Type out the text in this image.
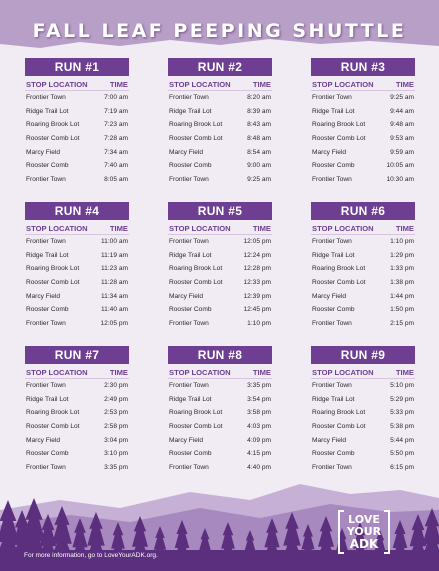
FALL LEAF PEEPING SHUTTLE
RUN #1
STOP LOCATION	TIME
Frontier Town	7:00 am
Ridge Trail Lot	7:19 am
Roaring Brook Lot	7:23 am
Rooster Comb Lot	7:28 am
Marcy Field	7:34 am
Rooster Comb	7:40 am
Frontier Town	8:05 am
RUN #2
STOP LOCATION	TIME
Frontier Town	8:20 am
Ridge Trail Lot	8:39 am
Roaring Brook Lot	8:43 am
Rooster Comb Lot	8:48 am
Marcy Field	8:54 am
Rooster Comb	9:00 am
Frontier Town	9:25 am
RUN #3
STOP LOCATION	TIME
Frontier Town	9:25 am
Ridge Trail Lot	9:44 am
Roaring Brook Lot	9:48 am
Rooster Comb Lot	9:53 am
Marcy Field	9:59 am
Rooster Comb	10:05 am
Frontier Town	10:30 am
RUN #4
STOP LOCATION	TIME
Frontier Town	11:00 am
Ridge Trail Lot	11:19 am
Roaring Brook Lot	11:23 am
Rooster Comb Lot	11:28 am
Marcy Field	11:34 am
Rooster Comb	11:40 am
Frontier Town	12:05 pm
RUN #5
STOP LOCATION	TIME
Frontier Town	12:05 pm
Ridge Trail Lot	12:24 pm
Roaring Brook Lot	12:28 pm
Rooster Comb Lot	12:33 pm
Marcy Field	12:39 pm
Rooster Comb	12:45 pm
Frontier Town	1:10 pm
RUN #6
STOP LOCATION	TIME
Frontier Town	1:10 pm
Ridge Trail Lot	1:29 pm
Roaring Brook Lot	1:33 pm
Rooster Comb Lot	1:38 pm
Marcy Field	1:44 pm
Rooster Comb	1:50 pm
Frontier Town	2:15 pm
RUN #7
STOP LOCATION	TIME
Frontier Town	2:30 pm
Ridge Trail Lot	2:49 pm
Roaring Brook Lot	2:53 pm
Rooster Comb Lot	2:58 pm
Marcy Field	3:04 pm
Rooster Comb	3:10 pm
Frontier Town	3:35 pm
RUN #8
STOP LOCATION	TIME
Frontier Town	3:35 pm
Ridge Trail Lot	3:54 pm
Roaring Brook Lot	3:58 pm
Rooster Comb Lot	4:03 pm
Marcy Field	4:09 pm
Rooster Comb	4:15 pm
Frontier Town	4:40 pm
RUN #9
STOP LOCATION	TIME
Frontier Town	5:10 pm
Ridge Trail Lot	5:29 pm
Roaring Brook Lot	5:33 pm
Rooster Comb Lot	5:38 pm
Marcy Field	5:44 pm
Rooster Comb	5:50 pm
Frontier Town	6:15 pm
LOVE
YOUR
ADK
For more information, go to LoveYourADK.org.
